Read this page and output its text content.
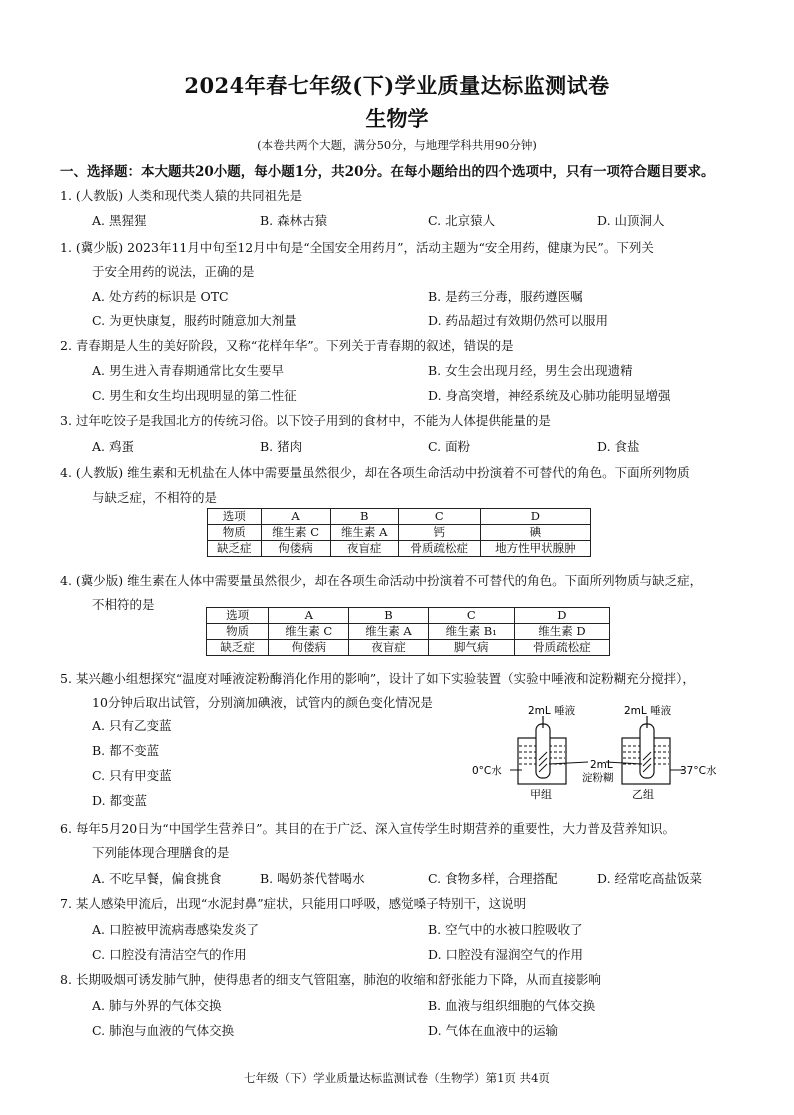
2024年春七年级(下)学业质量达标监测试卷
生物学
(本卷共两个大题，满分50分，与地理学科共用90分钟)
一、选择题：本大题共20小题，每小题1分，共20分。在每小题给出的四个选项中，只有一项符合题目要求。
1. (人教版) 人类和现代类人猿的共同祖先是
A. 黑猩猩	B. 森林古猿	C. 北京猿人	D. 山顶洞人
1. (冀少版) 2023年11月中旬至12月中旬是“全国安全用药月”，活动主题为“安全用药，健康为民”。下列关
于安全用药的说法，正确的是
A. 处方药的标识是 OTC	B. 是药三分毒，服药遵医嘱
C. 为更快康复，服药时随意加大剂量	D. 药品超过有效期仍然可以服用
2. 青春期是人生的美好阶段，又称“花样年华”。下列关于青春期的叙述，错误的是
A. 男生进入青春期通常比女生要早	B. 女生会出现月经，男生会出现遗精
C. 男生和女生均出现明显的第二性征	D. 身高突增，神经系统及心肺功能明显增强
3. 过年吃饺子是我国北方的传统习俗。以下饺子用到的食材中，不能为人体提供能量的是
A. 鸡蛋	B. 猪肉	C. 面粉	D. 食盐
4. (人教版) 维生素和无机盐在人体中需要量虽然很少，却在各项生命活动中扮演着不可替代的角色。下面所列物质
与缺乏症，不相符的是
选项	A	B	C	D
物质	维生素 C	维生素 A	钙	碘
缺乏症	佝偻病	夜盲症	骨质疏松症	地方性甲状腺肿
4. (冀少版) 维生素在人体中需要量虽然很少，却在各项生命活动中扮演着不可替代的角色。下面所列物质与缺乏症，
不相符的是
选项	A	B	C	D
物质	维生素 C	维生素 A	维生素 B₁	维生素 D
缺乏症	佝偻病	夜盲症	脚气病	骨质疏松症
5. 某兴趣小组想探究“温度对唾液淀粉酶消化作用的影响”，设计了如下实验装置（实验中唾液和淀粉糊充分搅拌），
10分钟后取出试管，分别滴加碘液，试管内的颜色变化情况是
A. 只有乙变蓝
B. 都不变蓝
C. 只有甲变蓝
D. 都变蓝
2mL 唾液	2mL 唾液
2mL
淀粉糊
0°C水	37°C水
甲组	乙组
6. 每年5月20日为“中国学生营养日”。其目的在于广泛、深入宣传学生时期营养的重要性，大力普及营养知识。
下列能体现合理膳食的是
A. 不吃早餐，偏食挑食	B. 喝奶茶代替喝水	C. 食物多样，合理搭配	D. 经常吃高盐饭菜
7. 某人感染甲流后，出现“水泥封鼻”症状，只能用口呼吸，感觉嗓子特别干，这说明
A. 口腔被甲流病毒感染发炎了	B. 空气中的水被口腔吸收了
C. 口腔没有清洁空气的作用	D. 口腔没有湿润空气的作用
8. 长期吸烟可诱发肺气肿，使得患者的细支气管阻塞，肺泡的收缩和舒张能力下降，从而直接影响
A. 肺与外界的气体交换	B. 血液与组织细胞的气体交换
C. 肺泡与血液的气体交换	D. 气体在血液中的运输
七年级（下）学业质量达标监测试卷（生物学）第1页 共4页
